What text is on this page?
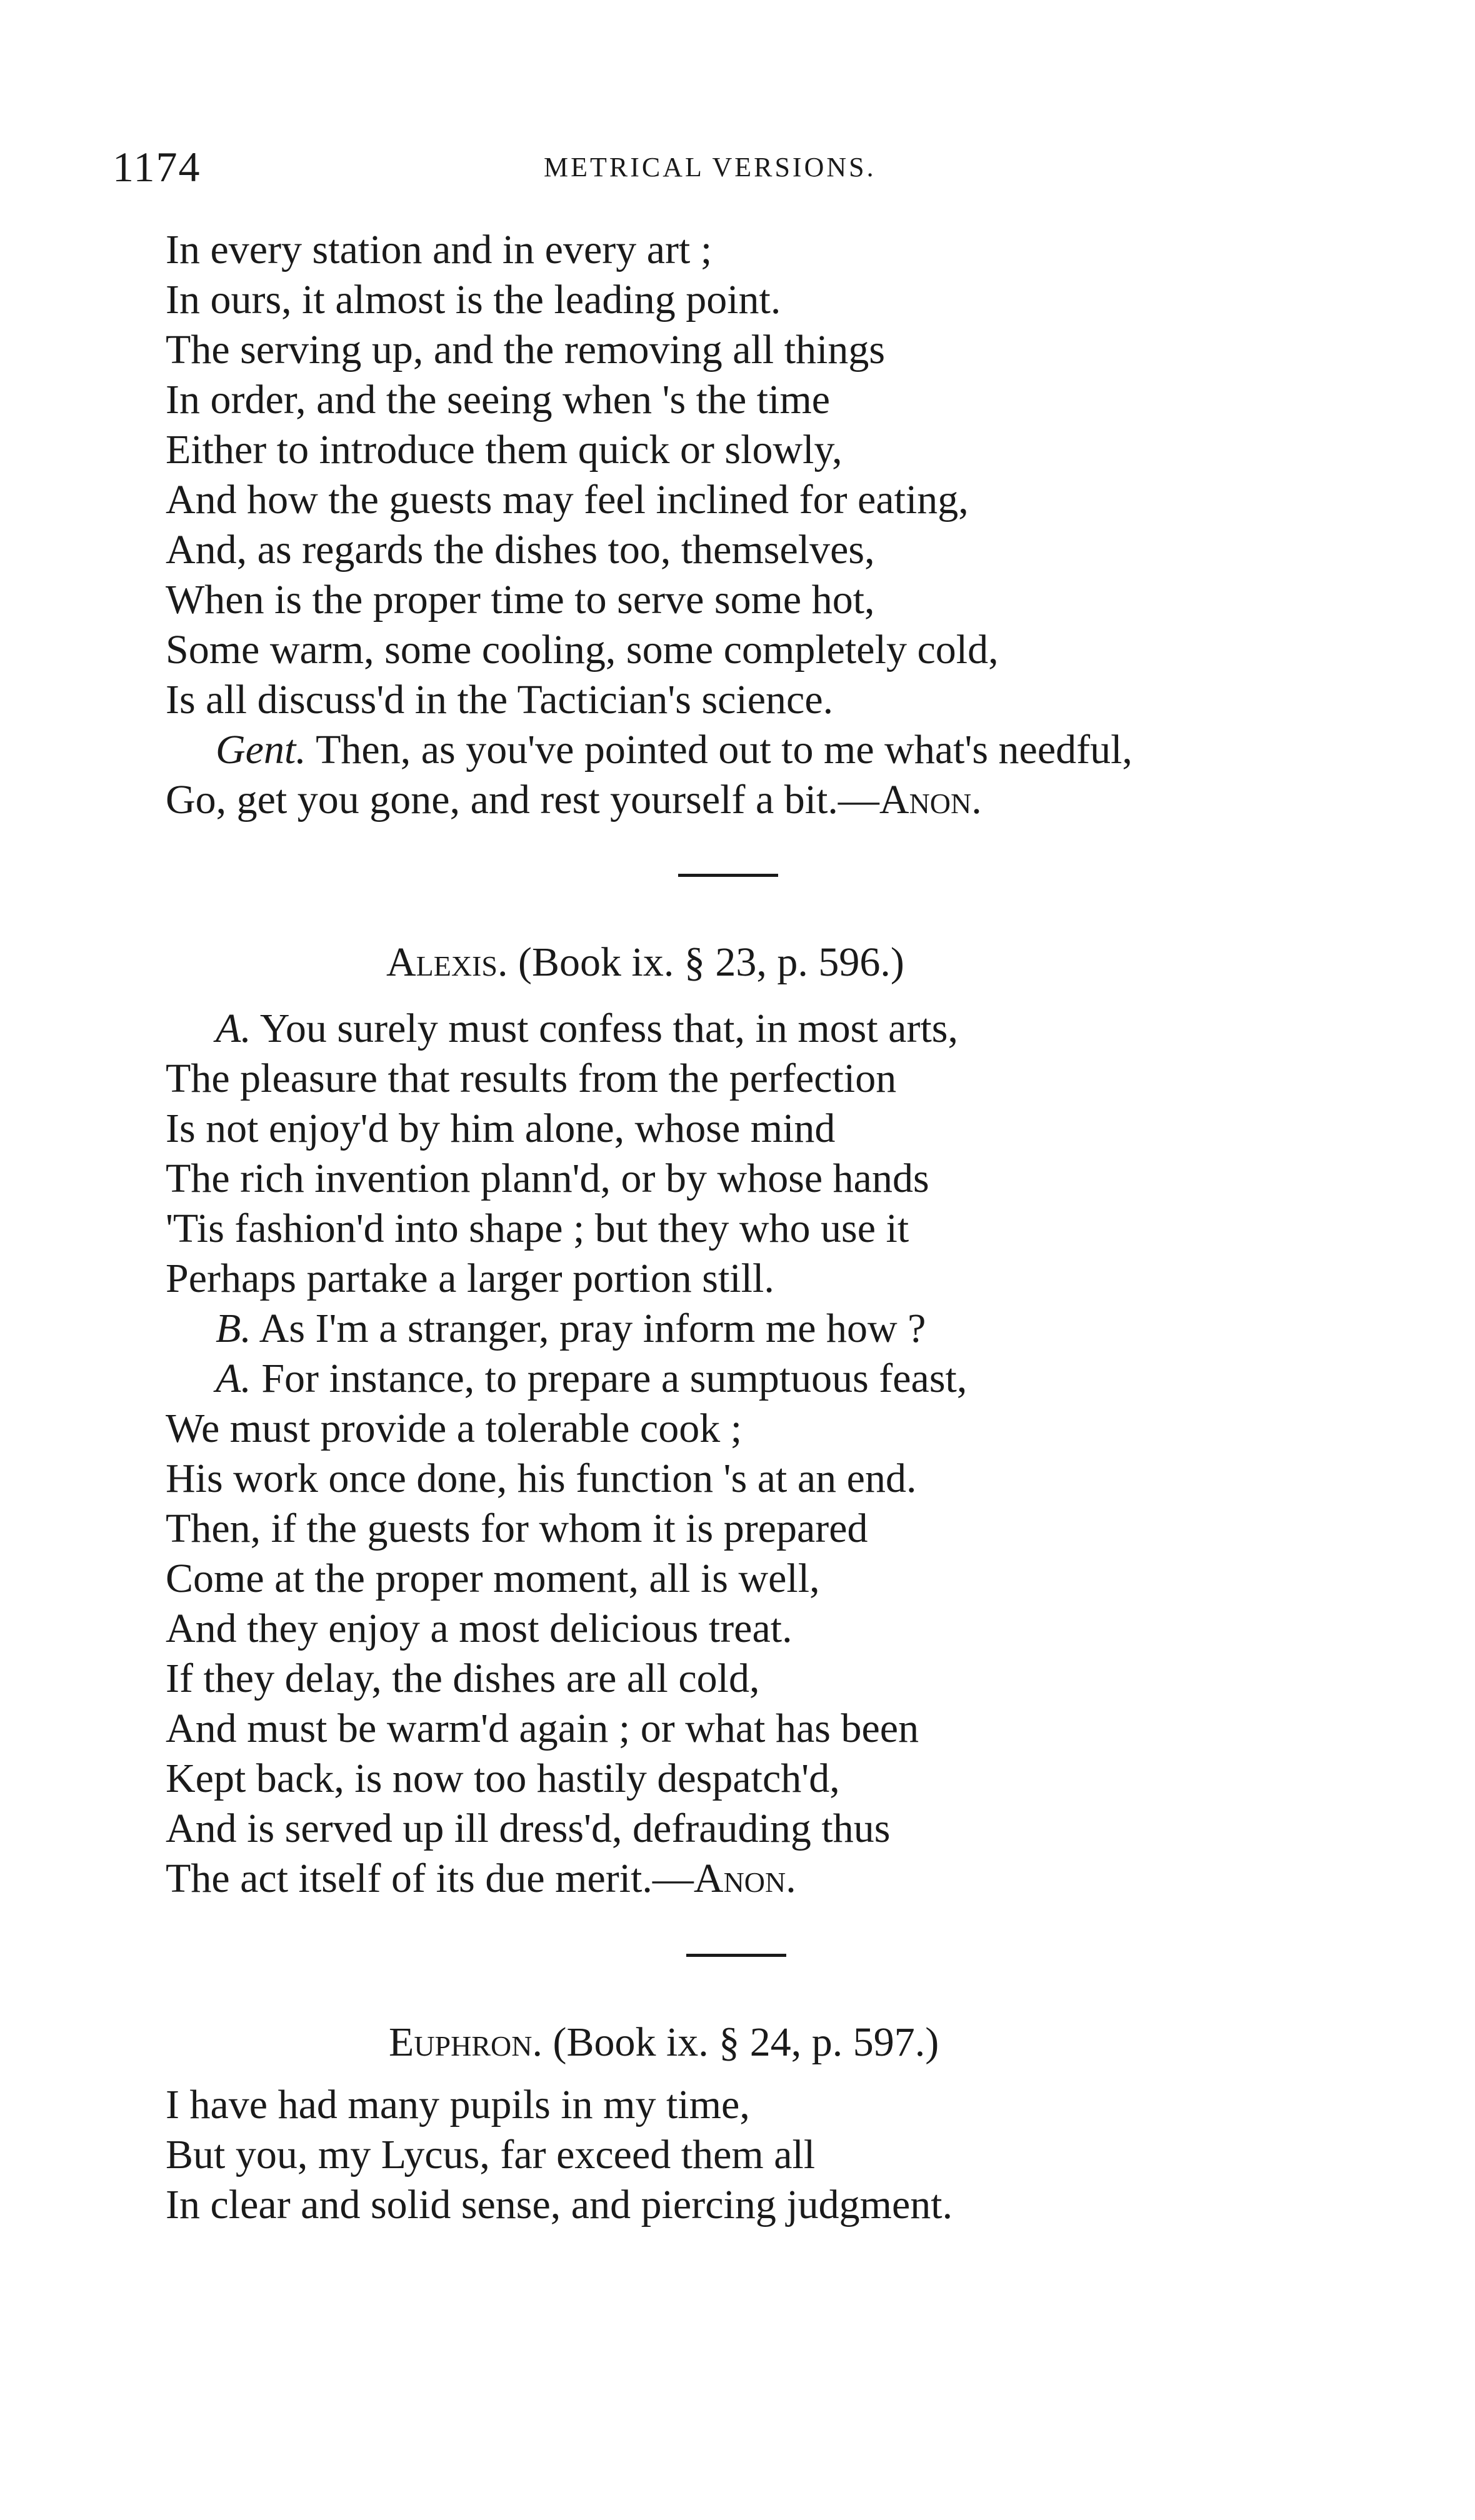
1174	METRICAL VERSIONS.
In every station and in every art ;
In ours, it almost is the leading point.
The serving up, and the removing all things
In order, and the seeing when 's the time
Either to introduce them quick or slowly,
And how the guests may feel inclined for eating,
And, as regards the dishes too, themselves,
When is the proper time to serve some hot,
Some warm, some cooling, some completely cold,
Is all discuss'd in the Tactician's science.
Gent. Then, as you've pointed out to me what's needful,
Go, get you gone, and rest yourself a bit.—Anon.
Alexis. (Book ix. § 23, p. 596.)
A. You surely must confess that, in most arts,
The pleasure that results from the perfection
Is not enjoy'd by him alone, whose mind
The rich invention plann'd, or by whose hands
'Tis fashion'd into shape ; but they who use it
Perhaps partake a larger portion still.
B. As I'm a stranger, pray inform me how ?
A. For instance, to prepare a sumptuous feast,
We must provide a tolerable cook ;
His work once done, his function 's at an end.
Then, if the guests for whom it is prepared
Come at the proper moment, all is well,
And they enjoy a most delicious treat.
If they delay, the dishes are all cold,
And must be warm'd again ; or what has been
Kept back, is now too hastily despatch'd,
And is served up ill dress'd, defrauding thus
The act itself of its due merit.—Anon.
Euphron. (Book ix. § 24, p. 597.)
I have had many pupils in my time,
But you, my Lycus, far exceed them all
In clear and solid sense, and piercing judgment.
